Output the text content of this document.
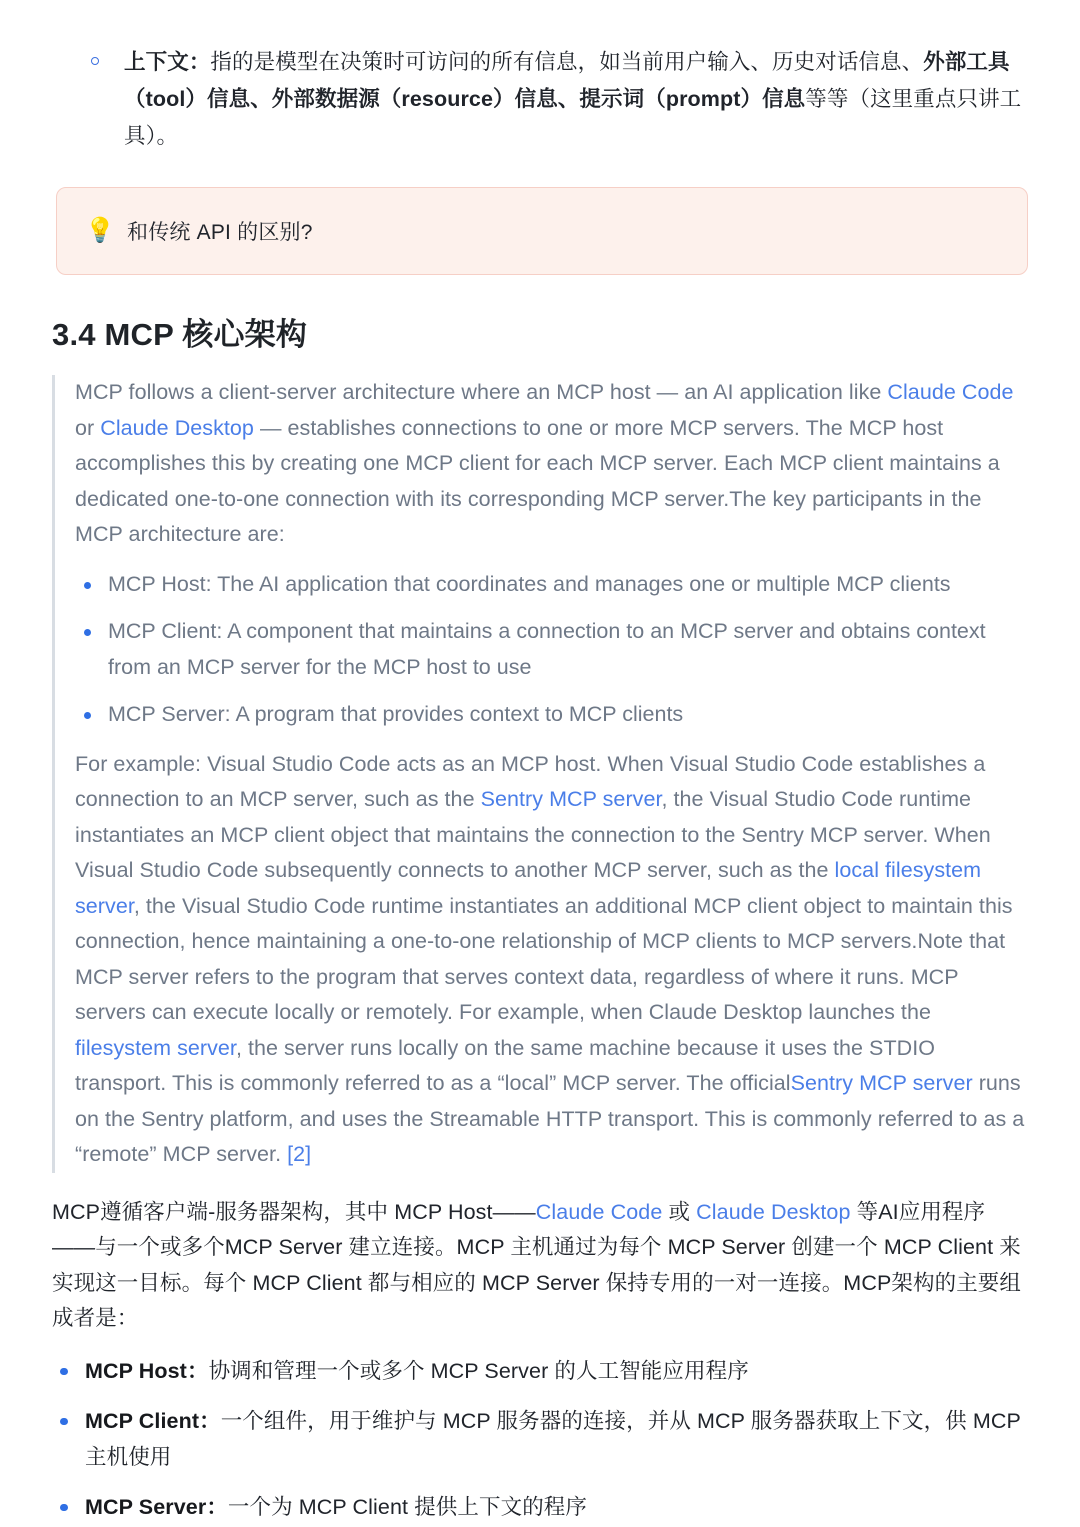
上下文：指的是模型在决策时可访问的所有信息，如当前用户输入、历史对话信息、外部工具（tool）信息、外部数据源（resource）信息、提示词（prompt）信息等等（这里重点只讲工具）。
💡 和传统 API 的区别?
3.4 MCP 核心架构

MCP follows a client-server architecture where an MCP host — an AI application like Claude Code or Claude Desktop — establishes connections to one or more MCP servers. The MCP host accomplishes this by creating one MCP client for each MCP server. Each MCP client maintains a dedicated one-to-one connection with its corresponding MCP server.The key participants in the MCP architecture are:

MCP Host: The AI application that coordinates and manages one or multiple MCP clients
MCP Client: A component that maintains a connection to an MCP server and obtains context from an MCP server for the MCP host to use
MCP Server: A program that provides context to MCP clients

For example: Visual Studio Code acts as an MCP host. When Visual Studio Code establishes a connection to an MCP server, such as the Sentry MCP server, the Visual Studio Code runtime instantiates an MCP client object that maintains the connection to the Sentry MCP server. When Visual Studio Code subsequently connects to another MCP server, such as the local filesystem server, the Visual Studio Code runtime instantiates an additional MCP client object to maintain this connection, hence maintaining a one-to-one relationship of MCP clients to MCP servers.Note that MCP server refers to the program that serves context data, regardless of where it runs. MCP servers can execute locally or remotely. For example, when Claude Desktop launches the filesystem server, the server runs locally on the same machine because it uses the STDIO transport. This is commonly referred to as a “local” MCP server. The officialSentry MCP server runs on the Sentry platform, and uses the Streamable HTTP transport. This is commonly referred to as a “remote” MCP server. [2]

MCP遵循客户端-服务器架构，其中 MCP Host——Claude Code 或 Claude Desktop 等AI应用程序——与一个或多个MCP Server 建立连接。MCP 主机通过为每个 MCP Server 创建一个 MCP Client 来实现这一目标。每个 MCP Client 都与相应的 MCP Server 保持专用的一对一连接。MCP架构的主要组成者是：

MCP Host：协调和管理一个或多个 MCP Server 的人工智能应用程序
MCP Client：一个组件，用于维护与 MCP 服务器的连接，并从 MCP 服务器获取上下文，供 MCP 主机使用
MCP Server：一个为 MCP Client 提供上下文的程序
